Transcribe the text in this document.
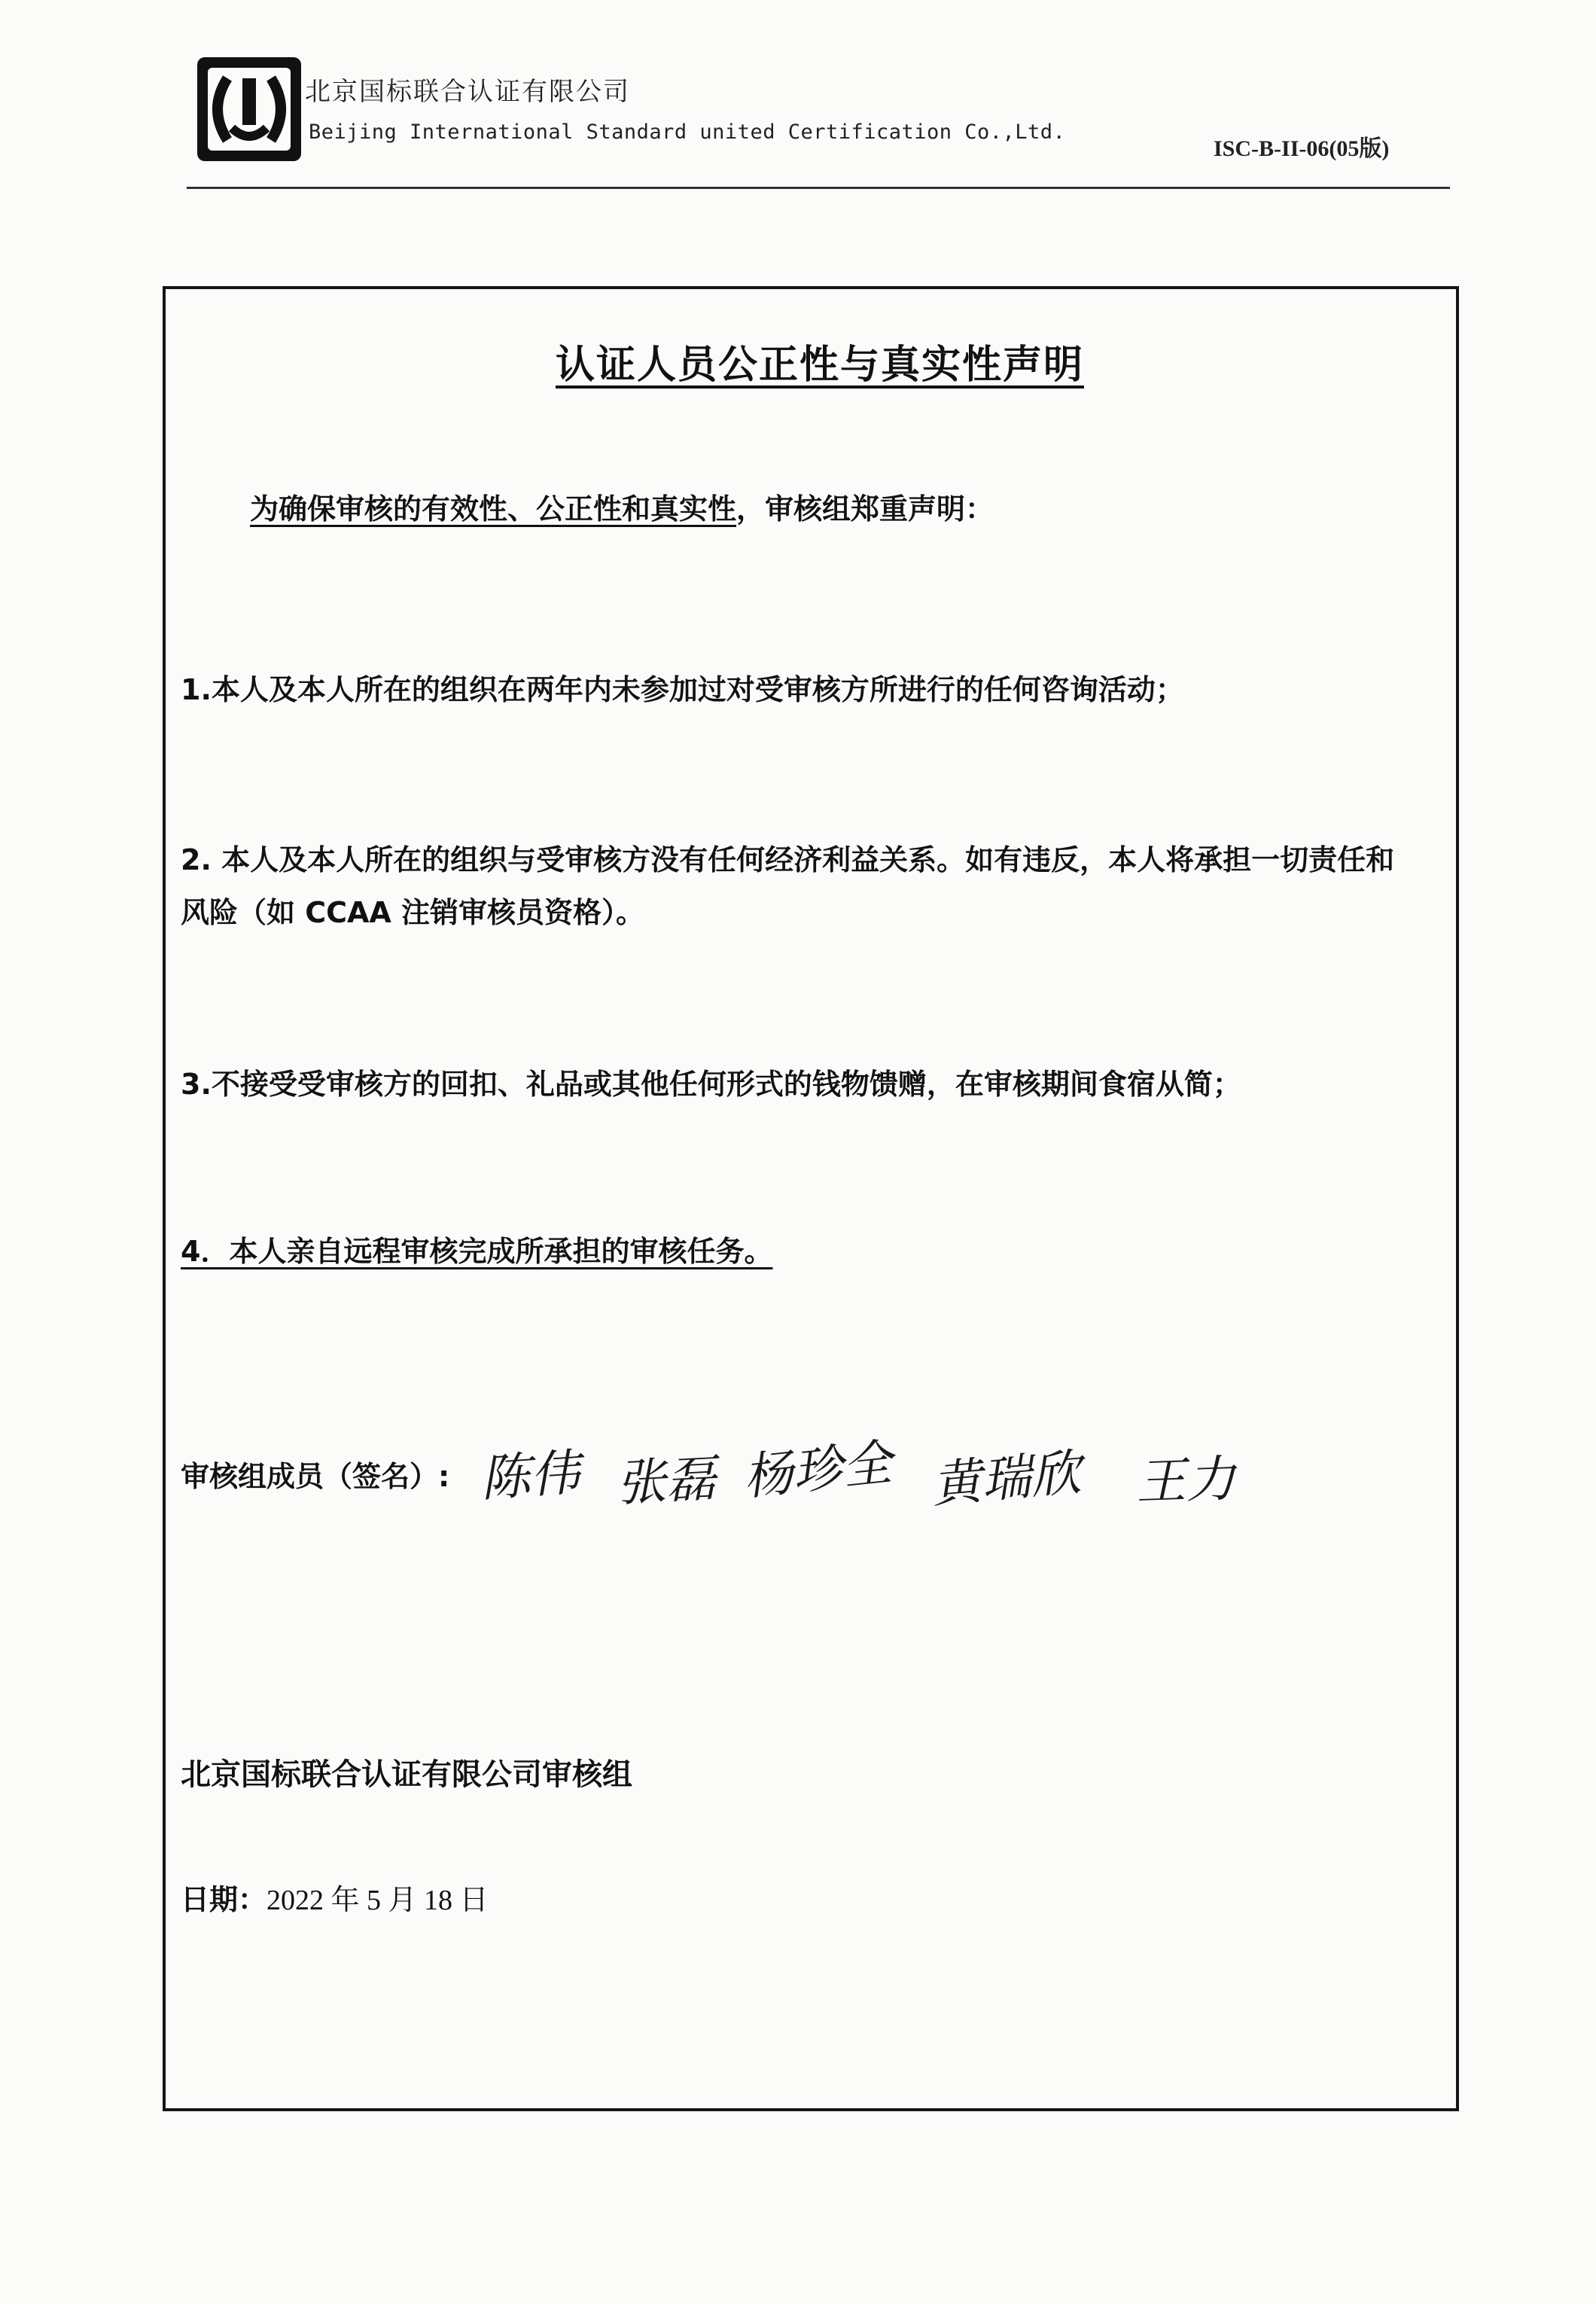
北京国标联合认证有限公司
Beijing International Standard united Certification Co.,Ltd.
ISC-B-II-06(05版)
认证人员公正性与真实性声明
为确保审核的有效性、公正性和真实性，审核组郑重声明：
1.本人及本人所在的组织在两年内未参加过对受审核方所进行的任何咨询活动；
2. 本人及本人所在的组织与受审核方没有任何经济利益关系。如有违反，本人将承担一切责任和
风险（如 CCAA 注销审核员资格）。
3.不接受受审核方的回扣、礼品或其他任何形式的钱物馈赠，在审核期间食宿从简；
4．本人亲自远程审核完成所承担的审核任务。
审核组成员（签名）: 陈伟 张磊 杨珍全 黄瑞欣 王力
北京国标联合认证有限公司审核组
日期：2022 年 5 月 18 日
